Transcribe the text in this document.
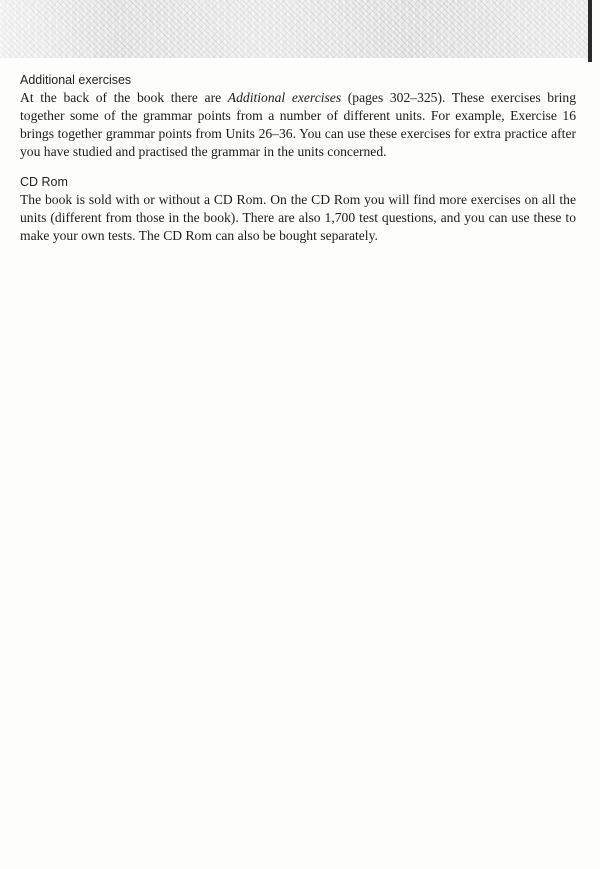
Additional exercises

At the back of the book there are Additional exercises (pages 302–325). These exercises bring together some of the grammar points from a number of different units. For example, Exercise 16 brings together grammar points from Units 26–36. You can use these exercises for extra practice after you have studied and practised the grammar in the units concerned.

CD Rom

The book is sold with or without a CD Rom. On the CD Rom you will find more exercises on all the units (different from those in the book). There are also 1,700 test questions, and you can use these to make your own tests. The CD Rom can also be bought separately.
